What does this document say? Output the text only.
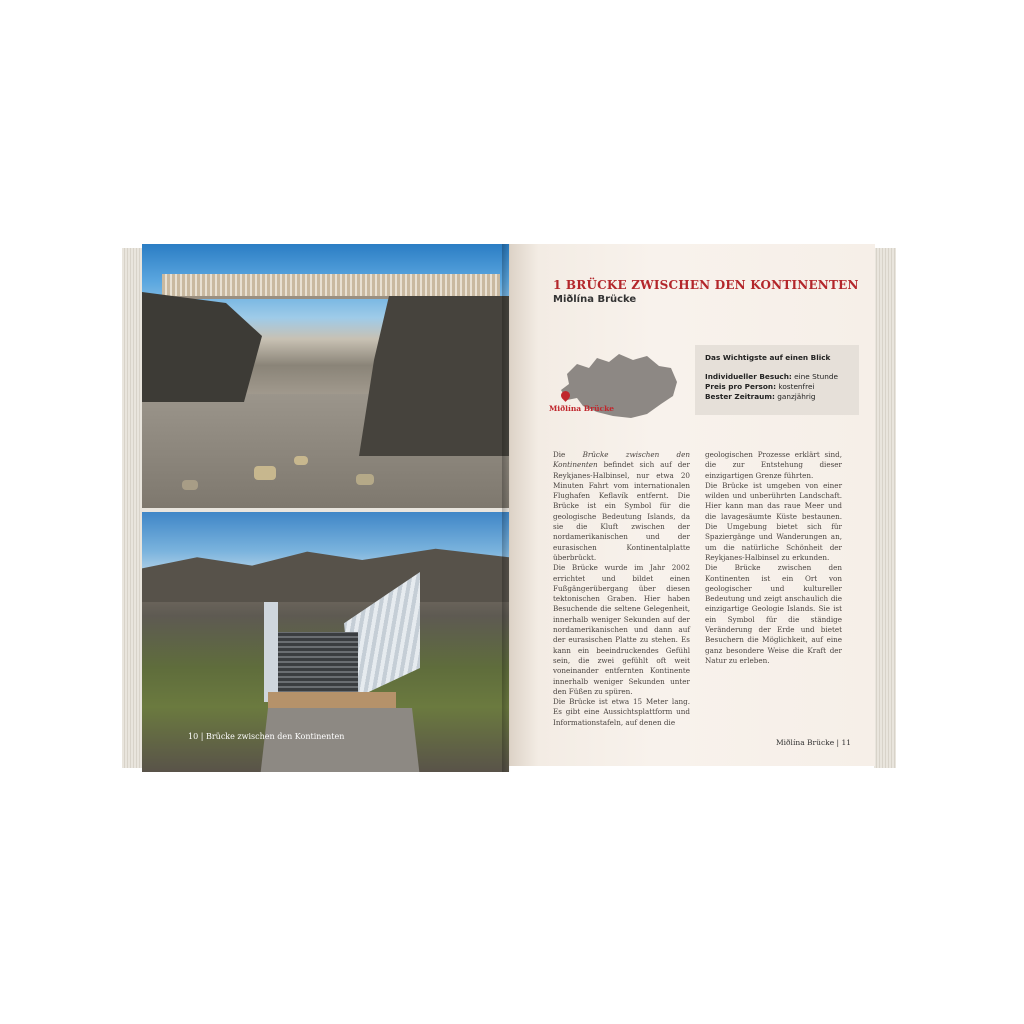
10 | Brücke zwischen den Kontinenten
1 BRÜCKE ZWISCHEN DEN KONTINENTEN
Miðlína Brücke
Miðlína Brücke
Das Wichtigste auf einen Blick
Individueller Besuch: eine Stunde
Preis pro Person: kostenfrei
Bester Zeitraum: ganzjährig

Die Brücke zwischen den Kontinenten befindet sich auf der Reykjanes-Halbinsel, nur etwa 20 Minuten Fahrt vom internationalen Flughafen Keflavík entfernt. Die Brücke ist ein Symbol für die geologische Bedeutung Islands, da sie die Kluft zwischen der nordamerikanischen und der eurasischen Kontinentalplatte überbrückt.

Die Brücke wurde im Jahr 2002 errichtet und bildet einen Fußgängerübergang über diesen tektonischen Graben. Hier haben Besuchende die seltene Gelegenheit, innerhalb weniger Sekunden auf der nordamerikanischen und dann auf der eurasischen Platte zu stehen. Es kann ein beeindruckendes Gefühl sein, die zwei gefühlt oft weit voneinander entfernten Kontinente innerhalb weniger Sekunden unter den Füßen zu spüren.

Die Brücke ist etwa 15 Meter lang. Es gibt eine Aussichtsplattform und Informationstafeln, auf denen die

geologischen Prozesse erklärt sind, die zur Entstehung dieser einzigartigen Grenze führten.

Die Brücke ist umgeben von einer wilden und unberührten Landschaft. Hier kann man das raue Meer und die lavagesäumte Küste bestaunen. Die Umgebung bietet sich für Spaziergänge und Wanderungen an, um die natürliche Schönheit der Reykjanes-Halbinsel zu erkunden.

Die Brücke zwischen den Kontinenten ist ein Ort von geologischer und kultureller Bedeutung und zeigt anschaulich die einzigartige Geologie Islands. Sie ist ein Symbol für die ständige Veränderung der Erde und bietet Besuchern die Möglichkeit, auf eine ganz besondere Weise die Kraft der Natur zu erleben.

Miðlína Brücke | 11
